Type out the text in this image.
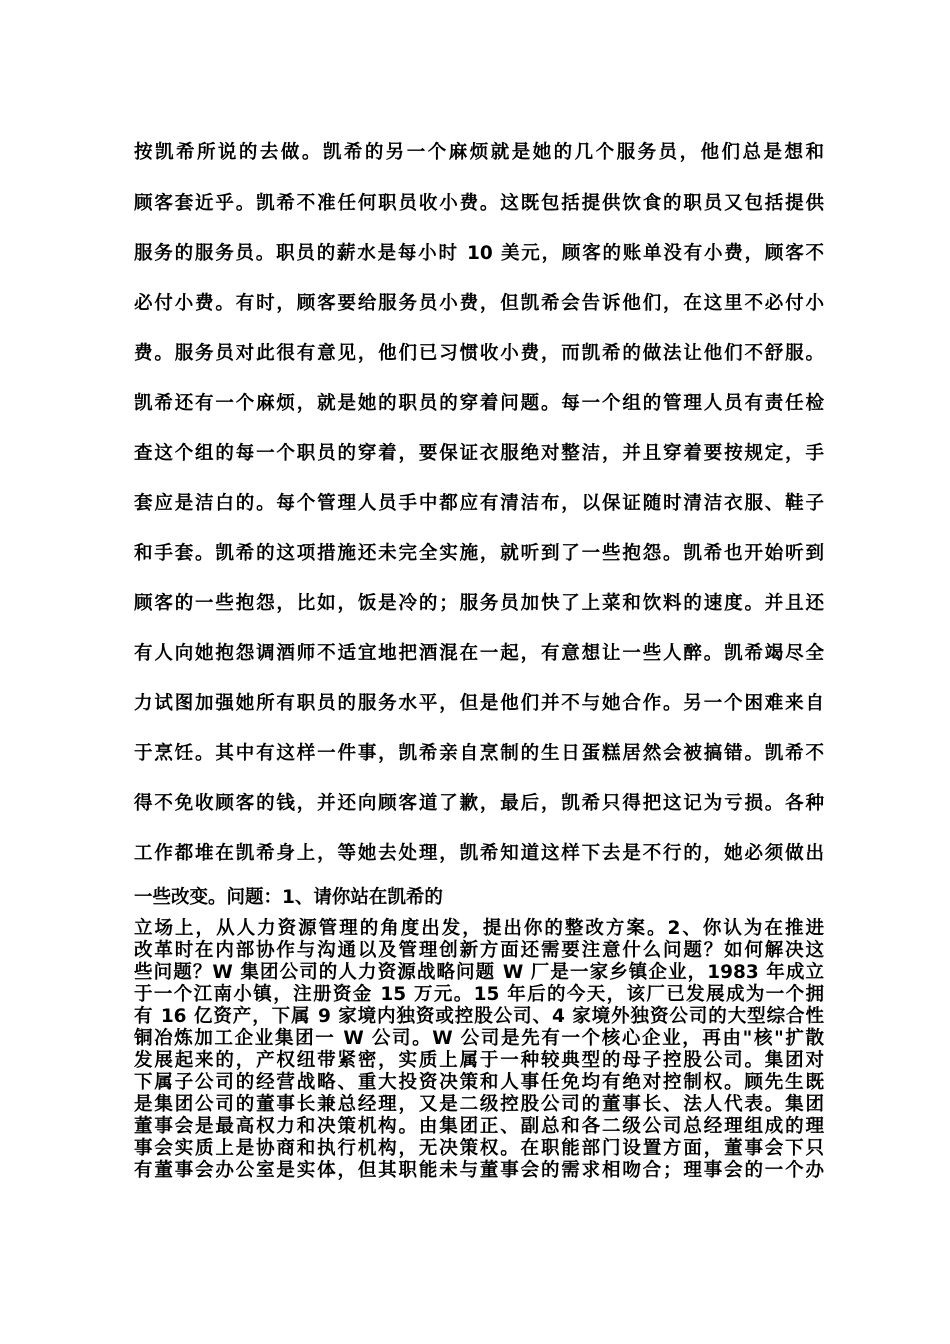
按凯希所说的去做。凯希的另一个麻烦就是她的几个服务员，他们总是想和
顾客套近乎。凯希不准任何职员收小费。这既包括提供饮食的职员又包括提供
服务的服务员。职员的薪水是每小时 10 美元，顾客的账单没有小费，顾客不
必付小费。有时，顾客要给服务员小费，但凯希会告诉他们，在这里不必付小
费。服务员对此很有意见，他们已习惯收小费，而凯希的做法让他们不舒服。
凯希还有一个麻烦，就是她的职员的穿着问题。每一个组的管理人员有责任检
查这个组的每一个职员的穿着，要保证衣服绝对整洁，并且穿着要按规定，手
套应是洁白的。每个管理人员手中都应有清洁布，以保证随时清洁衣服、鞋子
和手套。凯希的这项措施还未完全实施，就听到了一些抱怨。凯希也开始听到
顾客的一些抱怨，比如，饭是冷的；服务员加快了上菜和饮料的速度。并且还
有人向她抱怨调酒师不适宜地把酒混在一起，有意想让一些人醉。凯希竭尽全
力试图加强她所有职员的服务水平，但是他们并不与她合作。另一个困难来自
于烹饪。其中有这样一件事，凯希亲自烹制的生日蛋糕居然会被搞错。凯希不
得不免收顾客的钱，并还向顾客道了歉，最后，凯希只得把这记为亏损。各种
工作都堆在凯希身上，等她去处理，凯希知道这样下去是不行的，她必须做出
一些改变。问题：1、请你站在凯希的
立场上，从人力资源管理的角度出发，提出你的整改方案。2、你认为在推进
改革时在内部协作与沟通以及管理创新方面还需要注意什么问题？如何解决这
些问题？W 集团公司的人力资源战略问题 W 厂是一家乡镇企业，1983 年成立
于一个江南小镇，注册资金 15 万元。15 年后的今天，该厂已发展成为一个拥
有 16 亿资产，下属 9 家境内独资或控股公司、4 家境外独资公司的大型综合性
铜冶炼加工企业集团一 W 公司。W 公司是先有一个核心企业，再由"核"扩散
发展起来的，产权纽带紧密，实质上属于一种较典型的母子控股公司。集团对
下属子公司的经营战略、重大投资决策和人事任免均有绝对控制权。顾先生既
是集团公司的董事长兼总经理，又是二级控股公司的董事长、法人代表。集团
董事会是最高权力和决策机构。由集团正、副总和各二级公司总经理组成的理
事会实质上是协商和执行机构，无决策权。在职能部门设置方面，董事会下只
有董事会办公室是实体，但其职能未与董事会的需求相吻合；理事会的一个办
